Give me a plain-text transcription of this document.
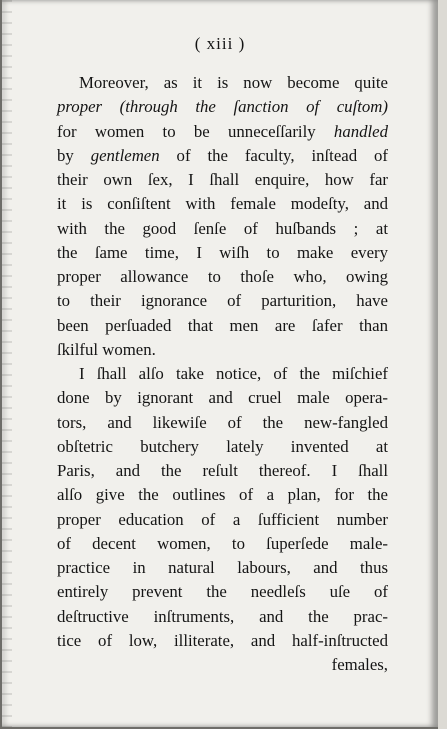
( xiii )
Moreover, as it is now become quite
proper (through the ſanction of cuſtom)
for women to be unneceſſarily handled
by gentlemen of the faculty, inſtead of
their own ſex, I ſhall enquire, how far
it is conſiſtent with female modeſty, and
with the good ſenſe of huſbands ; at
the ſame time, I wiſh to make every
proper allowance to thoſe who, owing
to their ignorance of parturition, have
been perſuaded that men are ſafer than
ſkilful women.
I ſhall alſo take notice, of the miſchief
done by ignorant and cruel male opera-
tors, and likewiſe of the new-fangled
obſtetric butchery lately invented at
Paris, and the reſult thereof. I ſhall
alſo give the outlines of a plan, for the
proper education of a ſufficient number
of decent women, to ſuperſede male-
practice in natural labours, and thus
entirely prevent the needleſs uſe of
deſtructive inſtruments, and the prac-
tice of low, illiterate, and half-inſtructed
females,
